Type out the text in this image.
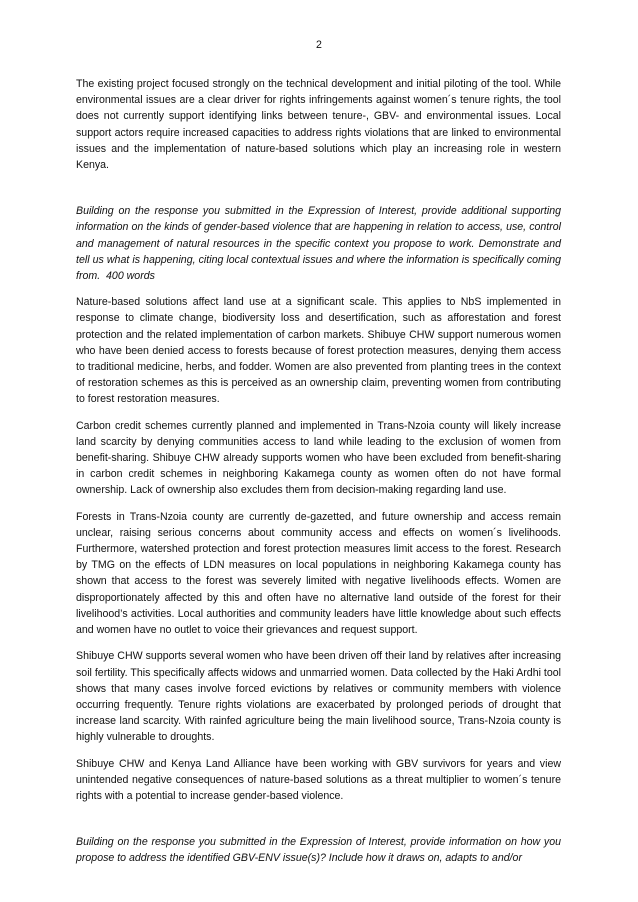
2

The existing project focused strongly on the technical development and initial piloting of the tool. While environmental issues are a clear driver for rights infringements against women´s tenure rights, the tool does not currently support identifying links between tenure-, GBV- and environmental issues. Local support actors require increased capacities to address rights violations that are linked to environmental issues and the implementation of nature-based solutions which play an increasing role in western Kenya.

Building on the response you submitted in the Expression of Interest, provide additional supporting information on the kinds of gender-based violence that are happening in relation to access, use, control and management of natural resources in the specific context you propose to work. Demonstrate and tell us what is happening, citing local contextual issues and where the information is specifically coming from. 400 words

Nature-based solutions affect land use at a significant scale. This applies to NbS implemented in response to climate change, biodiversity loss and desertification, such as afforestation and forest protection and the related implementation of carbon markets. Shibuye CHW support numerous women who have been denied access to forests because of forest protection measures, denying them access to traditional medicine, herbs, and fodder. Women are also prevented from planting trees in the context of restoration schemes as this is perceived as an ownership claim, preventing women from contributing to forest restoration measures.

Carbon credit schemes currently planned and implemented in Trans-Nzoia county will likely increase land scarcity by denying communities access to land while leading to the exclusion of women from benefit-sharing. Shibuye CHW already supports women who have been excluded from benefit-sharing in carbon credit schemes in neighboring Kakamega county as women often do not have formal ownership. Lack of ownership also excludes them from decision-making regarding land use.

Forests in Trans-Nzoia county are currently de-gazetted, and future ownership and access remain unclear, raising serious concerns about community access and effects on women´s livelihoods. Furthermore, watershed protection and forest protection measures limit access to the forest. Research by TMG on the effects of LDN measures on local populations in neighboring Kakamega county has shown that access to the forest was severely limited with negative livelihoods effects. Women are disproportionately affected by this and often have no alternative land outside of the forest for their livelihood’s activities. Local authorities and community leaders have little knowledge about such effects and women have no outlet to voice their grievances and request support.

Shibuye CHW supports several women who have been driven off their land by relatives after increasing soil fertility. This specifically affects widows and unmarried women. Data collected by the Haki Ardhi tool shows that many cases involve forced evictions by relatives or community members with violence occurring frequently. Tenure rights violations are exacerbated by prolonged periods of drought that increase land scarcity. With rainfed agriculture being the main livelihood source, Trans-Nzoia county is highly vulnerable to droughts.

Shibuye CHW and Kenya Land Alliance have been working with GBV survivors for years and view unintended negative consequences of nature-based solutions as a threat multiplier to women´s tenure rights with a potential to increase gender-based violence.

Building on the response you submitted in the Expression of Interest, provide information on how you propose to address the identified GBV-ENV issue(s)? Include how it draws on, adapts to and/or
